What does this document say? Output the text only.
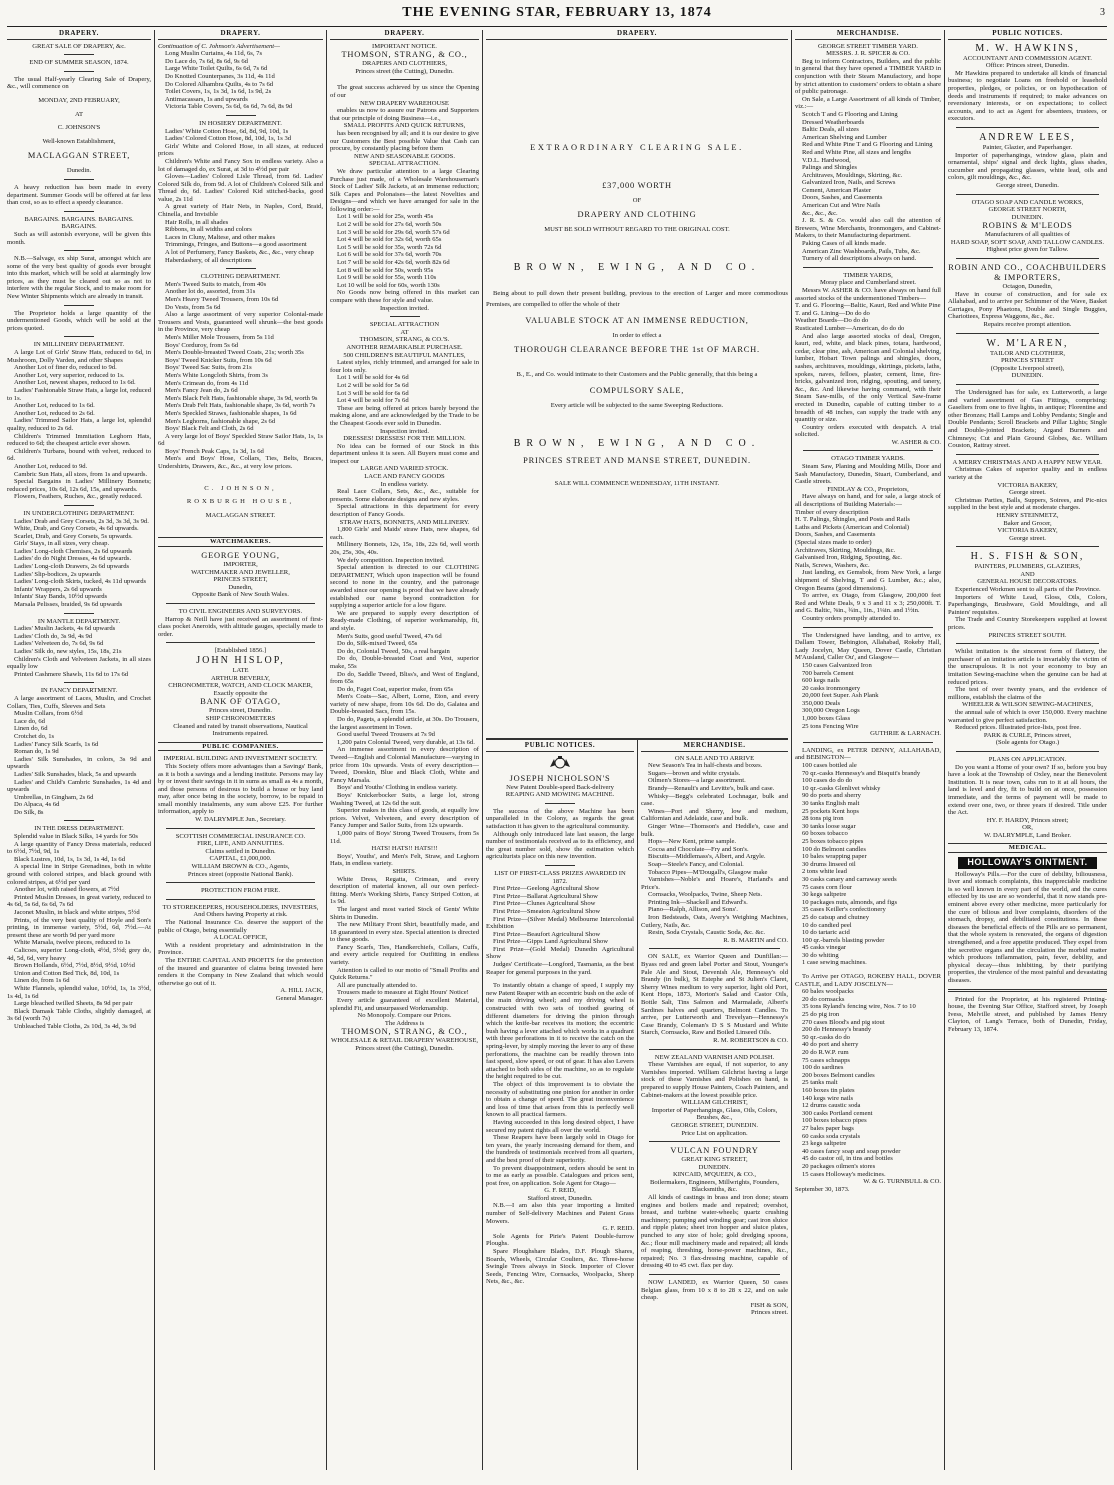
THE EVENING STAR, FEBRUARY 13, 1874	3
DRAPERY.
GREAT SALE OF DRAPERY, &c.
END OF SUMMER SEASON, 1874.
The usual Half-yearly Clearing Sale of Drapery, &c., will commence on
MONDAY, 2ND FEBRUARY,
AT
C. JOHNSON'S
Well-known Establishment,
MACLAGGAN STREET,
Dunedin.
A heavy reduction has been made in every department. Summer Goods will be offered at far less than cost, so as to effect a speedy clearance.
BARGAINS. BARGAINS. BARGAINS.
BARGAINS.
Such as will astonish everyone, will be given this month.
N.B.—Salvage, ex ship Surat, amongst which are some of the very best quality of goods ever brought into this market, which will be sold at alarmingly low prices, as they must be cleared out so as not to interfere with the regular Stock, and to make room for New Winter Shipments which are already in transit.
The Proprietor holds a large quantity of the undermentioned Goods, which will be sold at the prices quoted.
IN MILLINERY DEPARTMENT.
A large Lot of Girls' Straw Hats, reduced to 6d, in Mushroom, Dolly Varden, and other Shapes
Another Lot of finer do, reduced to 9d.
Another Lot, very superior, reduced to 1s.
Another Lot, newest shapes, reduced to 1s 6d.
Ladies' Fashionable Straw Hats, a large lot, reduced to 1s.
Another Lot, reduced to 1s 6d.
Another Lot, reduced to 2s 6d.
Ladies' Trimmed Sailor Hats, a large lot, splendid quality, reduced to 2s 6d.
Children's Trimmed Immitation Leghorn Hats, reduced to 6d; the cheapest article ever shown.
Children's Turbans, bound with velvet, reduced to 6d.
Another Lot, reduced to 9d.
Cambric Sun Hats, all sizes, from 1s and upwards.
Special Bargains in Ladies' Millinery Bonnets; reduced prices, 10s 6d, 12s 6d, 15s, and upwards.
Flowers, Feathers, Ruches, &c., greatly reduced.
IN UNDERCLOTHING DEPARTMENT.
Ladies' Drab and Grey Corsets, 2s 3d, 3s 3d, 3s 9d.
White, Drab, and Grey Corsets, 4s 6d upwards.
Scarlet, Drab, and Grey Corsets, 5s upwards.
Girls' Stays, in all sizes, very cheap.
Ladies' Long-cloth Chemises, 2s 6d upwards
Ladies' do do Night Dresses, 4s 6d upwards.
Ladies' Long-cloth Drawers, 2s 6d upwards
Ladies' Slip-bodices, 2s upwards
Ladies' Long-cloth Skirts, tucked, 4s 11d upwards
Infants' Wrappers, 2s 6d upwards
Infants' Stay Bands, 10½d upwards
Marsala Pelisses, braided, 9s 6d upwards
IN MANTLE DEPARTMENT.
Ladies' Muslin Jackets, 4s 6d upwards
Ladies' Cloth do, 3s 9d, 4s 9d
Ladies' Velveteen do, 7s 6d, 9s 6d
Ladies' Silk do, new styles, 15s, 18s, 21s
Children's Cloth and Velveteen Jackets, in all sizes equally low
Printed Cashmere Shawls, 11s 6d to 17s 6d
IN FANCY DEPARTMENT.
A large assortment of Laces, Muslin, and Crochet Collars, Ties, Cuffs, Sleeves and Sets
Muslin Collars, from 6½d
Lace do, 6d
Linen do, 6d
Crotchet do, 1s
Ladies' Fancy Silk Scarfs, 1s 6d
Roman do, 1s 9d
Ladies' Silk Sunshades, in colors, 3s 9d and upwards
Ladies' Silk Sunshades, black, 5s and upwards
Ladies' and Child's Cambric Sunshades, 1s 4d and upwards
Umbrellas, in Gingham, 2s 6d
Do Alpaca, 4s 6d
Do Silk, 8s
IN THE DRESS DEPARTMENT.
Splendid value in Black Silks, 14 yards for 50s
A large quantity of Fancy Dress materials, reduced to 6½d, 7½d, 9d, 1s
Black Lustres, 10d, 1s, 1s 3d, 1s 4d, 1s 6d
A special line in Stripe Grenadines, both in white ground with colored stripes, and black ground with colored stripes, at 6½d per yard
Another lot, with raised flowers, at 7½d
Printed Muslin Dresses, in great variety, reduced to 4s 6d, 5s 6d, 6s 6d, 7s 6d
Jaconet Muslin, in black and white stripes, 5½d
Prints, of the very best quality of Hoyle and Son's printing, in immense variety, 5½d, 6d, 7½d.—At present these are worth 9d per yard more
White Marsala, twelve pieces, reduced to 1s
Calicoes, superior Long-cloth, 4½d, 5½d; grey do, 4d, 5d, 6d, very heavy
Brown Hollands, 6½d, 7½d, 8½d, 9½d, 10½d
Union and Cotton Bed Tick, 8d, 10d, 1s
Linen do, from 1s 6d
White Flannels, splendid value, 10½d, 1s, 1s 3½d, 1s 4d, 1s 6d
Large bleached twilled Sheets, 8s 9d per pair
Black Damask Table Cloths, slightly damaged, at 3s 6d (worth 7s)
Unbleached Table Cloths, 2s 10d, 3s 4d, 3s 9d
DRAPERY.
Continuation of C. Johnson's Advertisement—
Long Muslin Curtains, 4s 11d, 6s, 7s
Do Lace do, 7s 6d, 8s 6d, 9s 6d
Large White Toilet Quilts, 6s 6d, 7s 6d
Do Knotted Counterpanes, 3s 11d, 4s 11d
Do Colored Alhambra Quilts, 4s to 7s 6d
Toilet Covers, 1s, 1s 3d, 1s 6d, 1s 9d, 2s
Antimacassars, 1s and upwards
Victoria Table Covers, 5s 6d, 6s 6d, 7s 6d, 8s 9d
IN HOSIERY DEPARTMENT.
Ladies' White Cotton Hose, 6d, 8d, 9d, 10d, 1s
Ladies' Colored Cotton Hose, 8d, 10d, 1s, 1s 3d
Girls' White and Colored Hose, in all sizes, at reduced prices
Children's White and Fancy Sox in endless variety. Also a lot of damaged do, ex Surat, at 3d to 4½d per pair
Gloves—Ladies' Colored Lisle Thread, from 6d. Ladies' Colored Silk do, from 9d. A lot of Children's Colored Silk and Thread do, 6d. Ladies' Colored Kid stitched-backs, good value, 2s 11d
A great variety of Hair Nets, in Naples, Cord, Braid, Chinella, and Invisible
Hair Rolls, in all shades
Ribbons, in all widths and colors
Laces in Cluny, Maltese, and other makes
Trimmings, Fringes, and Buttons—a good assortment
A lot of Perfumery, Fancy Baskets, &c., &c., very cheap
Haberdashery, of all descriptions
CLOTHING DEPARTMENT.
Men's Tweed Suits to match, from 40s
Another lot do, assorted, from 31s
Men's Heavy Tweed Trousers, from 10s 6d
Do Vests, from 5s 6d
Also a large assortment of very superior Colonial-made Trousers and Vests, guaranteed well shrunk—the best goods in the Province, very cheap
Men's Miller Mole Trousers, from 5s 11d
Boys' Corduroy, from 5s 6d
Men's Double-breasted Tweed Coats, 21s; worth 35s
Boys' Tweed Knicker Suits, from 10s 6d
Boys' Tweed Sac Suits, from 21s
Men's White Longcloth Shirts, from 3s
Men's Crimean do, from 4s 11d
Men's Fancy Jean do, 2s 6d
Men's Black Felt Hats, fashionable shape, 3s 9d, worth 9s
Men's Drab Felt Hats, fashionable shape, 3s 6d, worth 7s
Men's Speckled Straws, fashionable shapes, 1s 6d
Men's Leghorns, fashionable shape, 2s 6d
Boys' Black Felt and Cloth, 2s 6d
A very large lot of Boys' Speckled Straw Sailor Hats, 1s, 1s 6d
Boys' French Peak Caps, 1s 3d, 1s 6d
Men's and Boys' Hose, Collars, Ties, Belts, Braces, Undershirts, Drawers, &c., &c., at very low prices.
C. JOHNSON,
ROXBURGH HOUSE,
MACLAGGAN STREET.
WATCHMAKERS.
GEORGE YOUNG,
IMPORTER,
WATCHMAKER AND JEWELLER,
PRINCES STREET,
Dunedin,
Opposite Bank of New South Wales.
TO CIVIL ENGINEERS AND SURVEYORS.
Harrop & Neill have just received an assortment of first-class pocket Aneroids, with altitude gauges, specially made to order.
[Established 1856.]
JOHN HISLOP,
LATE
ARTHUR BEVERLY,
CHRONOMETER, WATCH, AND CLOCK MAKER,
Exactly opposite the
BANK OF OTAGO,
Princes street, Dunedin.
SHIP CHRONOMETERS
Cleaned and rated by transit observations, Nautical Instruments repaired.
PUBLIC COMPANIES.
IMPERIAL BUILDING AND INVESTMENT SOCIETY.
This Society offers more advantages than a Savings' Bank, as it is both a savings and a lending institute. Persons may lay by or invest their savings in it in sums as small as 4s a month, and those persons of desirous to build a house or buy land may, after once being in the society, borrow, to be repaid in small monthly instalments, any sum above £25. For further information, apply to
W. DALRYMPLE Jun., Secretary.
SCOTTISH COMMERCIAL INSURANCE CO.
FIRE, LIFE, AND ANNUITIES.
Claims settled in Dunedin.
CAPITAL, £1,000,000.
WILLIAM BROWN & CO., Agents,
Princes street (opposite National Bank).
PROTECTION FROM FIRE.
TO STOREKEEPERS, HOUSEHOLDERS, INVESTERS,
And Others having Property at risk.
The National Insurance Co. deserve the support of the public of Otago, being essentially
A LOCAL OFFICE,
With a resident proprietary and administration in the Province.
The ENTIRE CAPITAL AND PROFITS for the protection of the insured and guarantee of claims being invested here renders it the Company in New Zealand that which would otherwise go out of it.
A. HILL JACK,
General Manager.
DRAPERY.
IMPORTANT NOTICE.
THOMSON, STRANG, & CO.,
DRAPERS AND CLOTHIERS,
Princes street (the Cutting), Dunedin.
The great success achieved by us since the Opening of our
NEW DRAPERY WAREHOUSE
enables us now to assure our Patrons and Supporters that our principle of doing Business—i.e.,
SMALL PROFITS AND QUICK RETURNS,
has been recognised by all; and it is our desire to give our Customers the Best possible Value that Cash can procure, by constantly placing before them
NEW AND SEASONABLE GOODS.
SPECIAL ATTRACTION.
We draw particular attention to a large Clearing Purchase just made, of a Wholesale Warehouseman's Stock of Ladies' Silk Jackets, at an immense reduction; Silk Capes and Polonaises—the latest Novelties and Designs—and which we have arranged for sale in the following order:—
Lot 1 will be sold for 25s, worth 45s
Lot 2 will be sold for 27s 6d, worth 50s
Lot 3 will be sold for 29s 6d, worth 57s 6d
Lot 4 will be sold for 32s 6d, worth 65s
Lot 5 will be sold for 35s, worth 72s 6d
Lot 6 will be sold for 37s 6d, worth 70s
Lot 7 will be sold for 42s 6d, worth 82s 6d
Lot 8 will be sold for 50s, worth 95s
Lot 9 will be sold for 55s, worth 110s
Lot 10 will be sold for 60s, worth 130s
No Goods now being offered in this market can compare with these for style and value.
Inspection invited.
SPECIAL ATTRACTION
AT
THOMSON, STRANG, & CO.'S.
ANOTHER REMARKABLE PURCHASE.
500 CHILDREN'S BEAUTIFUL MANTLES,
Latest styles, richly trimmed, and arranged for sale in four lots only.
Lot 1 will be sold for 4s 6d
Lot 2 will be sold for 5s 6d
Lot 3 will be sold for 6s 6d
Lot 4 will be sold for 7s 6d
These are being offered at prices barely beyond the making alone, and are acknowledged by the Trade to be the Cheapest Goods ever sold in Dunedin.
Inspection invited.
DRESSES! DRESSES! FOR THE MILLION.
No idea can be formed of our Stock in this department unless it is seen. All Buyers must come and inspect our
LARGE AND VARIED STOCK.
LACE AND FANCY GOODS
In endless variety.
Real Lace Collars, Sets, &c., &c., suitable for presents. Some elaborate designs and new styles.
Special attractions in this department for every description of Fancy Goods.
STRAW HATS, BONNETS, AND MILLINERY.
1,800 Girls' and Maids' straw Hats, new shapes, 6d each.
Millinery Bonnets, 12s, 15s, 18s, 22s 6d, well worth 20s, 25s, 30s, 40s.
We defy competition. Inspection invited.
Special attention is directed to our CLOTHING DEPARTMENT, Which upon inspection will be found second to none in the country, and the patronage awarded since our opening is proof that we have already established our name beyond contradiction for supplying a superior article for a low figure.
We are prepared to supply every description of Ready-made Clothing, of superior workmanship, fit, and style.
Men's Suits, good useful Tweed, 47s 6d
Do do, Silk-mixed Tweed, 65s
Do do, Colonial Tweed, 50s, a real bargain
Do do, Double-breasted Coat and Vest, superior make, 55s
Do do, Saddle Tweed, Bliss's, and West of England, from 65s
Do do, Faget Coat, superior make, from 65s
Men's Coats—Sac, Albert, Lorne, Eton, and every variety of new shape, from 10s 6d. Do do, Galatea and Double-breasted Sacs, from 15s.
Do do, Pagets, a splendid article, at 30s. Do Trousers, the largest assortment in Town.
Good useful Tweed Trousers at 7s 9d
1,200 pairs Colonial Tweed, very durable, at 13s 6d.
An immense assortment in every description of Tweed—English and Colonial Manufacture—varying in price from 10s upwards. Vests of every description—Tweed, Doeskin, Blue and Black Cloth, White and Fancy Marsala.
Boys' and Youths' Clothing in endless variety.
Boys' Knickerbocker Suits, a large lot, strong Washing Tweed, at 12s 6d the suit.
Superior makes in this class of goods, at equally low prices. Velvet, Velveteen, and every description of Fancy Jumper and Sailor Suits, from 12s upwards.
1,000 pairs of Boys' Strong Tweed Trousers, from 5s 11d.
HATS! HATS!! HATS!!!
Boys', Youths', and Men's Felt, Straw, and Leghorn Hats, in endless variety.
SHIRTS.
White Dress, Regatta, Crimean, and every description of material known, all our own perfect-fitting. Men's Working Shirts, Fancy Striped Cotton, at 1s 9d.
The largest and most varied Stock of Gents' White Shirts in Dunedin.
The new Military Front Shirt, beautifully made, and 18 guaranteed in every size. Special attention is directed to these goods.
Fancy Scarfs, Ties, Handkerchiefs, Collars, Cuffs, and every article required for Outfitting in endless variety.
Attention is called to our motto of "Small Profits and Quick Returns."
All are punctually attended to.
Trousers made to measure at Eight Hours' Notice!
Every article guaranteed of excellent Material, splendid Fit, and unsurpassed Workmanship.
No Monopoly. Compare our Prices.
The Address is
THOMSON, STRANG, & CO.,
WHOLESALE & RETAIL DRAPERY WAREHOUSE,
Princes street (the Cutting), Dunedin.
DRAPERY.
EXTRAORDINARY CLEARING SALE.
£37,000 WORTH
OF
DRAPERY AND CLOTHING
MUST BE SOLD WITHOUT REGARD TO THE ORIGINAL COST.
BROWN, EWING, AND CO.
Being about to pull down their present building, previous to the erection of Larger and more commodious Premises, are compelled to offer the whole of their
VALUABLE STOCK AT AN IMMENSE REDUCTION,
In order to effect a
THOROUGH CLEARANCE BEFORE THE 1st OF MARCH.
B., E., and Co. would intimate to their Customers and the Public generally, that this being a
COMPULSORY SALE,
Every article will be subjected to the same Sweeping Reductions.
BROWN, EWING, AND CO.
PRINCES STREET AND MANSE STREET, DUNEDIN.
SALE WILL COMMENCE WEDNESDAY, 11TH INSTANT.
PUBLIC NOTICES.
JOSEPH NICHOLSON'S
New Patent Double-speed Back-delivery
REAPING AND MOWING MACHINE.
The success of the above Machine has been unparalleled in the Colony, as regards the great satisfaction it has given to the agricultural community.
Although only introduced late last season, the large number of testimonials received as to its efficiency, and the great number sold, show the estimation which agriculturists place on this new invention.
LIST OF FIRST-CLASS PRIZES AWARDED IN 1872.
First Prize—Geelong Agricultural Show
First Prize—Ballarat Agricultural Show
First Prize—Clunes Agricultural Show
First Prize—Smeaton Agricultural Show
First Prize—(Silver Medal) Melbourne Intercolonial Exhibition
First Prize—Beaufort Agricultural Show
First Prize—Gipps Land Agricultural Show
First Prize—(Gold Medal) Dunedin Agricultural Show
Judges' Certificate—Longford, Tasmania, as the best Reaper for general purposes in the yard.
To instantly obtain a change of speed, I supply my new Patent Reaper with an eccentric bush on the axle of the main driving wheel; and my driving wheel is constructed with two sets of toothed gearing of different diameters for driving the pinion through which the knife-bar receives its motion; the eccentric bush having a lever attached which works in a quadrant with three perforations in it to receive the catch on the spring-lever, by simply moving the lever to any of these perforations, the machine can be readily thrown into fast speed, slow speed, or out of gear. It has also Levers attached to both sides of the machine, so as to regulate the height required to be cut.
The object of this improvement is to obviate the necessity of substituting one pinion for another in order to obtain a change of speed. The great inconvenience and loss of time that arises from this is perfectly well known to all practical farmers.
Having succeeded in this long desired object, I have secured my patent rights all over the world.
These Reapers have been largely sold in Otago for ten years, the yearly increasing demand for them, and the hundreds of testimonials received from all quarters, and the best proof of their superiority.
To prevent disappointment, orders should be sent in to me as early as possible. Catalogues and prices sent, post free, on application. Sole Agent for Otago—
G. F. REID,
Stafford street, Dunedin.
N.B.—I am also this year importing a limited number of Self-delivery Machines and Patent Grass Mowers.
G. F. REID.
Sole Agents for Pirie's Patent Double-furrow Ploughs.
Spare Ploughshare Blades, D.F. Plough Shares, Boards, Wheels, Circular Coulters, &c. Three-horse Swingle Trees always in Stock. Importer of Clover Seeds, Fencing Wire, Cornsacks, Woolpacks, Sheep Nets, &c., &c.
MERCHANDISE.
ON SALE AND TO ARRIVE
New Season's Tea in half-chests and boxes.
Sugars—brown and white crystals.
Oilmen's Stores—a large assortment.
Brandy—Renault's and Levitte's, bulk and case.
Whisky—Begg's celebrated Lochnagar, bulk and case.
Wines—Port and Sherry, low and medium, Californian and Adelaide, case and bulk.
Ginger Wine—Thomson's and Heddle's, case and bulk.
Hops—New Kent, prime sample.
Cocoa and Chocolate—Fry and Son's.
Biscuits—Middlemass's, Albert, and Argyle.
Soap—Steele's Fancy, and Colonial.
Tobacco Pipes—M'Dougall's, Glasgow make
Varnishes—Noble's and Hoare's, Harland's and Price's.
Cornsacks, Woolpacks, Twine, Sheep Nets.
Printing Ink—Shackell and Edward's.
Piano—Ralph, Allison, and Sons'.
Iron Bedsteads, Oats, Avery's Weighing Machines, Cutlery, Nails, &c.
Resin, Soda Crystals, Caustic Soda, &c. &c.
R. B. MARTIN and CO.
ON SALE, ex Warrior Queen and Dunfillan:—Byass red and green label Porter and Stout, Younger's Pale Ale and Stout, Devenish Ale, Hennessy's old Brandy (in bulk), St Estephe and St Julien's Claret, Sherry Wines medium to very superior, light old Port, Kent Hops, 1873, Morton's Salad and Castor Oils, Bottle Salt, Tins Salmon and Marmalade, Albert's Sardines halves and quarters, Belmont Candles. To arrive, per Lutterworth and Trevelyan—Hennessy's Case Brandy, Coleman's D S S Mustard and White Starch, Cornsacks, Raw and Boiled Linseed Oils.
R. M. ROBERTSON & CO.
NEW ZEALAND VARNISH AND POLISH.
These Varnishes are equal, if not superior, to any Varnishes imported. William Gilchrist having a large stock of these Varnishes and Polishes on hand, is prepared to supply House Painters, Coach Painters, and Cabinet-makers at the lowest possible price.
WILLIAM GILCHRIST,
Importer of Paperhangings, Glass, Oils, Colors, Brushes, &c.,
GEORGE STREET, DUNEDIN.
Price List on application.
VULCAN FOUNDRY
GREAT KING STREET,
DUNEDIN.
KINCAID, M'QUEEN, & CO.,
Boilermakers, Engineers, Millwrights, Founders, Blacksmiths, &c.
All kinds of castings in brass and iron done; steam engines and boilers made and repaired; overshot, breast, and turbine water-wheels; quartz crushing machinery; pumping and winding gear; cast iron sluice and ripple plates; sheet iron hopper and sluice plates, punched to any size of hole; gold dredging spoons, &c.; flour mill machinery made and repaired; all kinds of reaping, threshing, horse-power machines, &c., repaired; No. 3 flax-dressing machine, capable of dressing 40 to 45 cwt. flax per day.
NOW LANDED, ex Warrior Queen, 50 cases Belgian glass, from 10 x 8 to 28 x 22, and on sale cheap.
FISH & SON,
Princes street.
MERCHANDISE.
GEORGE STREET TIMBER YARD.
MESSRS. J. R. SPICER & CO.
Beg to inform Contractors, Builders, and the public in general that they have opened a TIMBER YARD in conjunction with their Steam Manufactory, and hope by strict attention to customers' orders to obtain a share of public patronage.
On Sale, a Large Assortment of all kinds of Timber, viz.:—
Scotch T and G Flooring and Lining
Dressed Weatherboards
Baltic Deals, all sizes
American Shelving and Lumber
Red and White Pine T and G Flooring and Lining
Red and White Pine, all sizes and lengths
V.D.L. Hardwood,
Palings and Shingles
Architraves, Mouldings, Skirting, &c.
Galvanized Iron, Nails, and Screws
Cement, American Plaster
Doors, Sashes, and Casements
American Cut and Wire Nails
&c., &c., &c.
J. R. S. & Co. would also call the attention of Brewers, Wine Merchants, Ironmongers, and Cabinet-Makers, to their Manufacturing department.
Paking Cases of all kinds made.
American Zinc Washboards, Pails, Tubs, &c.
Turnery of all descriptions always on hand.
TIMBER YARDS,
Moray place and Cumberland street.
Messrs W. ASHER & CO. have always on hand full assorted stocks of the undermentioned Timbers—
T. and G. Flooring—Baltic, Kauri, Red and White Pine
T. and G. Lining—Do do do
Weather Boards—Do do do
Rusticated Lumber—American, do do do
And also large assorted stocks of deal, Oregon, kauri, red, white, and black pines, totara, hardwood, cedar, clear pine, ash, American and Colonial shelving, lumber, Hobart Town palings and shingles, doors, sashes, architraves, mouldings, skirtings, pickets, laths, spokes, naves, felloes, plaster, cement, lime, fire-bricks, galvanized iron, ridging, spouting, and tanery, &c., &c. And likewise having command, with their Steam Saw-mills, of the only Vertical Saw-frame erected in Dunedin, capable of cutting timber to a breadth of 48 inches, can supply the trade with any quantity or size.
Country orders executed with despatch. A trial solicited.
W. ASHER & CO.
OTAGO TIMBER YARDS.
Steam Saw, Planing and Moulding Mills, Door and Sash Manufactory, Dunedin, Stuart, Cumberland, and Castle streets.
FINDLAY & CO., Proprietors,
Have always on hand, and for sale, a large stock of all descriptions of Building Materials:—
Timber of every description
H. T. Palings, Shingles, and Posts and Rails
Laths and Pickets (American and Colonial)
Doors, Sashes, and Casements
(Special sizes made to order)
Architraves, Skirting, Mouldings, &c.
Galvanised Iron, Ridging, Spouting, &c.
Nails, Screws, Washers, &c.
Just landing, ex Gemsbok, from New York, a large shipment of Shelving, T and G Lumber, &c.; also, Oregon Beams (good dimensions).
To arrive, ex Otago, from Glasgow, 200,000 feet Red and White Deals, 9 x 3 and 11 x 3; 250,000ft. T. and G. Baltic, ⅝in., ¾in., 1in., 1¼in. and 1½in.
Country orders promptly attended to.
The Undersigned have landing, and to arrive, ex Dallam Tower, Bebington, Allahabad, Rokeby Hall, Lady Jocelyn, May Queen, Dover Castle, Christian M'Ausland, Caller Ou', and Glasgow—
150 cases Galvanized Iron
700 barrels Cement
600 kegs nails
20 casks ironmongery
20,000 feet Super. Ash Plank
350,000 Deals
300,000 Oregon Logs
1,000 boxes Glass
25 tons Fencing Wire
GUTHRIE & LARNACH.
LANDING, ex PETER DENNY, ALLAHABAD, and BEBINGTON—
100 cases bottled ale
70 qr.-casks Hennessy's and Bisquit's brandy
100 cases do do do
10 qr.-casks Glenlivet whisky
90 do ports and sherry
30 tanks English malt
25 pockets Kent hops
28 tons pig iron
30 tanks loose sugar
60 boxes tobacco
25 boxes tobacco pipes
100 do Belmont candles
10 bales wrapping paper
30 drums linseed oil
2 tons white lead
30 casks canary and carraway seeds
75 cases corn flour
30 kegs saltpetre
10 packages nuts, almonds, and figs
35 cases Keiller's confectionery
25 do catsup and chutney
10 do candied peel
10 do tartaric acid
100 qr.-barrels blasting powder
45 casks vinegar
30 do whiting
1 case sewing machines.
To Arrive per OTAGO, ROKEBY HALL, DOVER CASTLE, and LADY JOSCELYN—
60 bales woolpacks
20 do cornsacks
35 tons Ryland's fencing wire, Nos. 7 to 10
25 do pig iron
270 cases Blood's and pig stout
200 do Hennessy's brandy
50 qr.-casks do do
40 do port and sherry
20 do R.W.P. rum
75 cases schnapps
100 do sardines
200 boxes Belmont candles
25 tanks malt
160 boxes tin plates
140 kegs wire nails
12 drums caustic soda
300 casks Portland cement
100 boxes tobacco pipes
27 bales paper bags
60 casks soda crystals
23 kegs saltpetre
40 cases fancy soap and soap powder
45 do castor oil, in tins and bottles
20 packages oilmen's stores
15 cases Holloway's medicines.
W. & G. TURNBULL & CO.
September 30, 1873.
PUBLIC NOTICES.
M. W. HAWKINS,
ACCOUNTANT AND COMMISSION AGENT.
Office: Princes street, Dunedin.
Mr Hawkins prepared to undertake all kinds of financial business; to negotiate Loans on freehold or leasehold properties, pledges, or policies, or on hypothecation of deeds and instruments if required; to make advances on reversionary interests, or on expectations; to collect accounts, and to act as Agent for absentees, trustees, or executors.
ANDREW LEES,
Painter, Glazier, and Paperhanger.
Importer of paperhangings, window glass, plain and ornamental, ships' signal and deck lights, glass shades, cucumber and propagating glasses, white lead, oils and colors, gilt mouldings, &c., &c.
George street, Dunedin.
OTAGO SOAP AND CANDLE WORKS,
GEORGE STREET NORTH,
DUNEDIN.
ROBINS & M'LEODS
Manufacturers of all qualities of
HARD SOAP, SOFT SOAP, AND TALLOW CANDLES.
Highest price given for Tallow.
ROBIN AND CO., COACHBUILDERS & IMPORTERS,
Octagon, Dunedin,
Have in course of construction, and for sale ex Allahabad, and to arrive per Schimmer of the Wave, Basket Carriages, Pony Phaetons, Double and Single Buggies, Chariottees, Express Waggons, &c., &c.
Repairs receive prompt attention.
W. M'LAREN,
TAILOR AND CLOTHIER,
PRINCES STREET
(Opposite Liverpool street),
DUNEDIN.
The Undersigned has for sale, ex Lutterworth, a large and varied assortment of Gas Fittings, comprising: Gaseliers from one to five lights, in antique; Florentine and other Bronzes; Hall Lamps and Lobby Pendants; Single and Double Pendants; Scroll Brackets and Pillar Lights; Single and Double-jointed Brackets; Argand Burners and Chimneys; Cut and Plain Ground Globes, &c. William Couston, Rattray street.
A MERRY CHRISTMAS AND A HAPPY NEW YEAR.
Christmas Cakes of superior quality and in endless variety at the
VICTORIA BAKERY,
George street.
Christmas Parties, Balls, Suppers, Soirees, and Pic-nics supplied in the best style and at moderate charges.
HENRY STEINMETZ,
Baker and Grocer,
VICTORIA BAKERY,
George street.
H. S. FISH & SON,
PAINTERS, PLUMBERS, GLAZIERS,
AND
GENERAL HOUSE DECORATORS.
Experienced Workmen sent to all parts of the Province.
Importers of White Lead, Gloss, Oils, Colors, Paperhangings, Brushware, Gold Mouldings, and all Painters' requisites.
The Trade and Country Storekeepers supplied at lowest prices.
PRINCES STREET SOUTH.
Whilst imitation is the sincerest form of flattery, the purchaser of an imitation article is invariably the victim of the unscrupulous. It is not your economy to buy an imitation Sewing-machine when the genuine can be had at reduced prices.
The test of over twenty years, and the evidence of millions, establish the claims of the
WHEELER & WILSON SEWING-MACHINES,
the annual sale of which is over 150,000. Every machine warranted to give perfect satisfaction.
Reduced prices. Illustrated price-lists, post free.
PARK & CURLE, Princes street,
(Sole agents for Otago.)
PLANS ON APPLICATION.
Do you want a Home of your own? If so, before you buy have a look at the Township of Oxley, near the Benevolent Institution. It is near town, cabs run to it at all hours, the land is level and dry, fit to build on at once, possession immediate, and the terms of payment will be made to extend over one, two, or three years if desired. Title under the Act.
HY. F. HARDY, Princes street;
OR,
W. DALRYMPLE, Land Broker.
MEDICAL.
HOLLOWAY'S OINTMENT.
Holloway's Pills.—For the cure of debility, biliousness, liver and stomach complaints, this inappreciable medicine is so well known in every part of the world, and the cures effected by its use are so wonderful, that it now stands pre-eminent above every other medicine, more particularly for the cure of bilious and liver complaints, disorders of the stomach, dropsy, and debilitated constitutions. In these diseases the beneficial effects of the Pills are so permanent, that the whole system is renovated, the organs of digestion strengthened, and a free appetite produced. They expel from the secretive organs and the circulation the morbid matter which produces inflammation, pain, fever, debility, and physical decay—thus inhibiting, by their purifying properties, the virulence of the most painful and devastating diseases.
Printed for the Proprietor, at his registered Printing-house, the Evening Star Office, Stafford street, by Joseph Ivess, Melville street, and published by James Henry Clayton, of Lang's Terrace, both of Dunedin, Friday, February 13, 1874.
